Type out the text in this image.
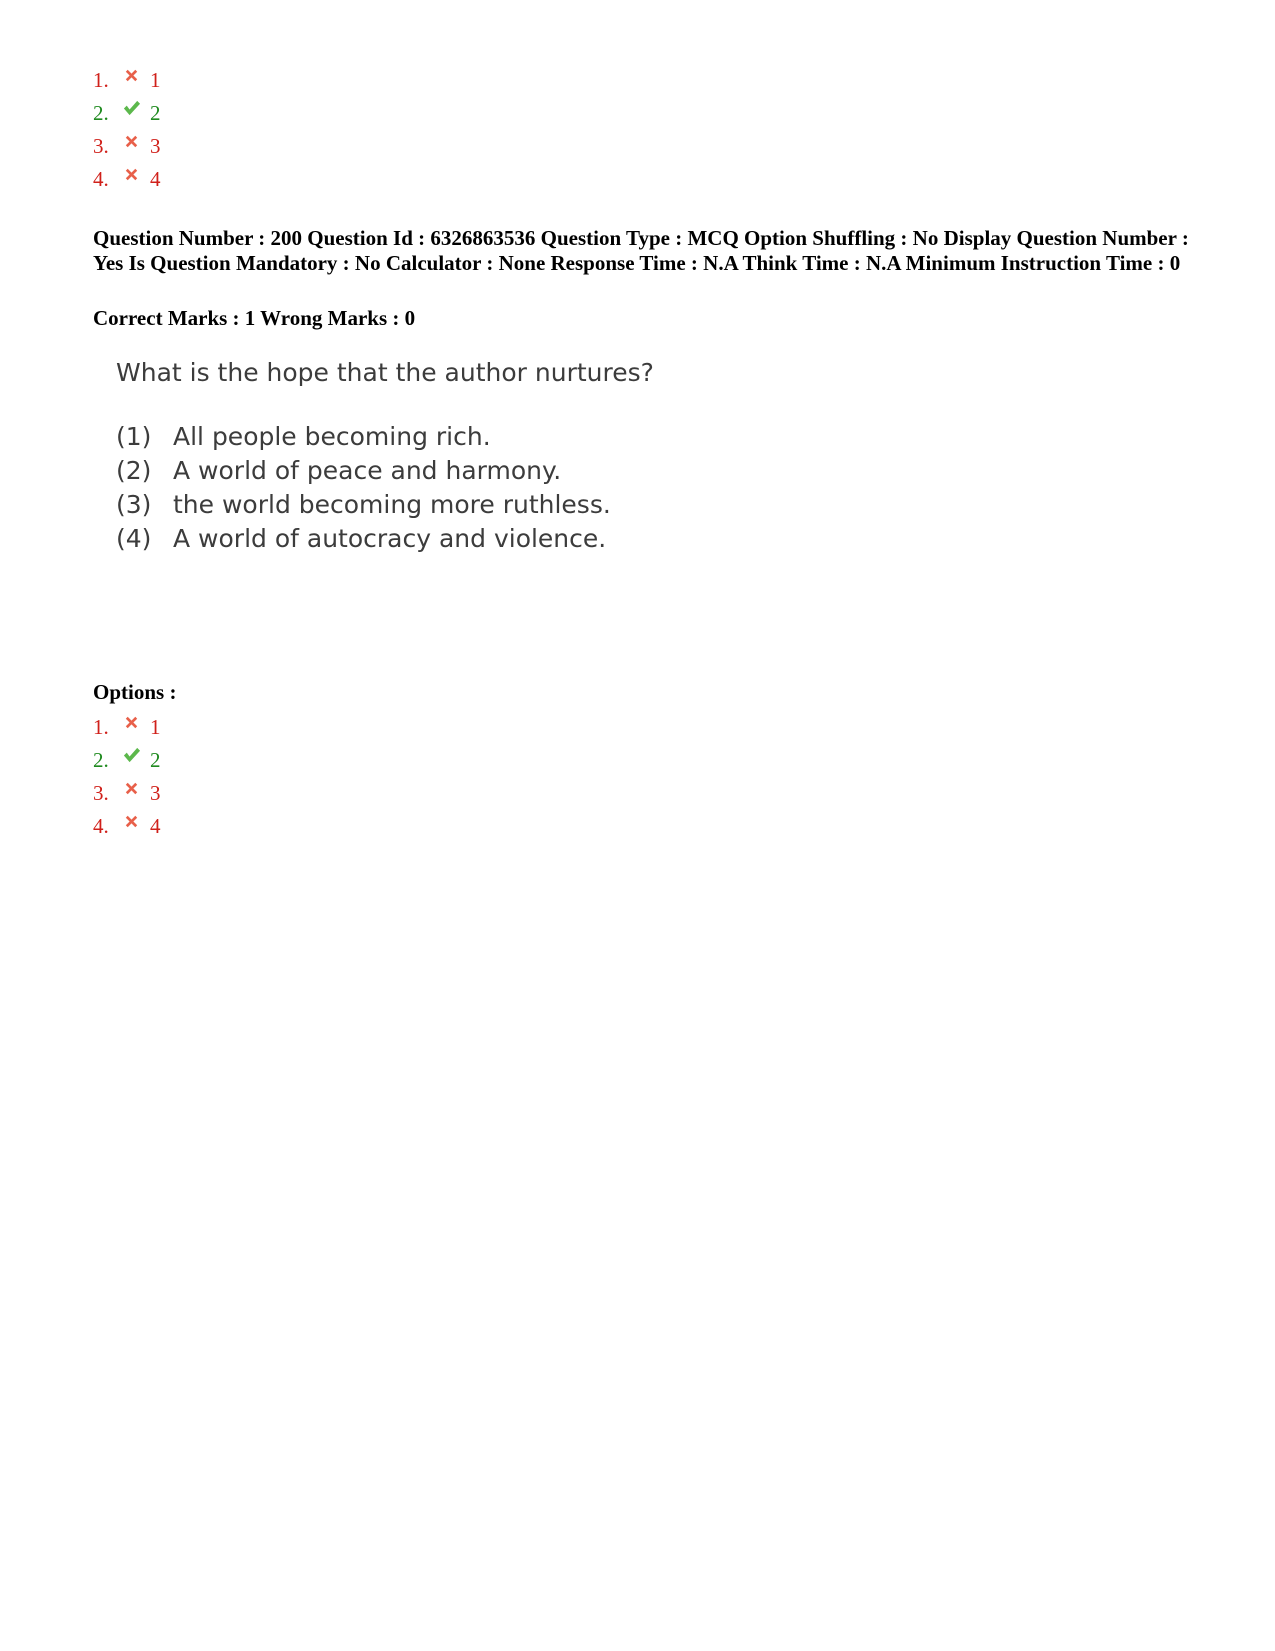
1.	1
2.	2
3.	3
4.	4
Question Number : 200 Question Id : 6326863536 Question Type : MCQ Option Shuffling : No Display Question Number : Yes Is Question Mandatory : No Calculator : None Response Time : N.A Think Time : N.A Minimum Instruction Time : 0
Correct Marks : 1 Wrong Marks : 0

What is the hope that the author nurtures?

(1) All people becoming rich.
(2) A world of peace and harmony.
(3) the world becoming more ruthless.
(4) A world of autocracy and violence.
Options :
1.	1
2.	2
3.	3
4.	4
